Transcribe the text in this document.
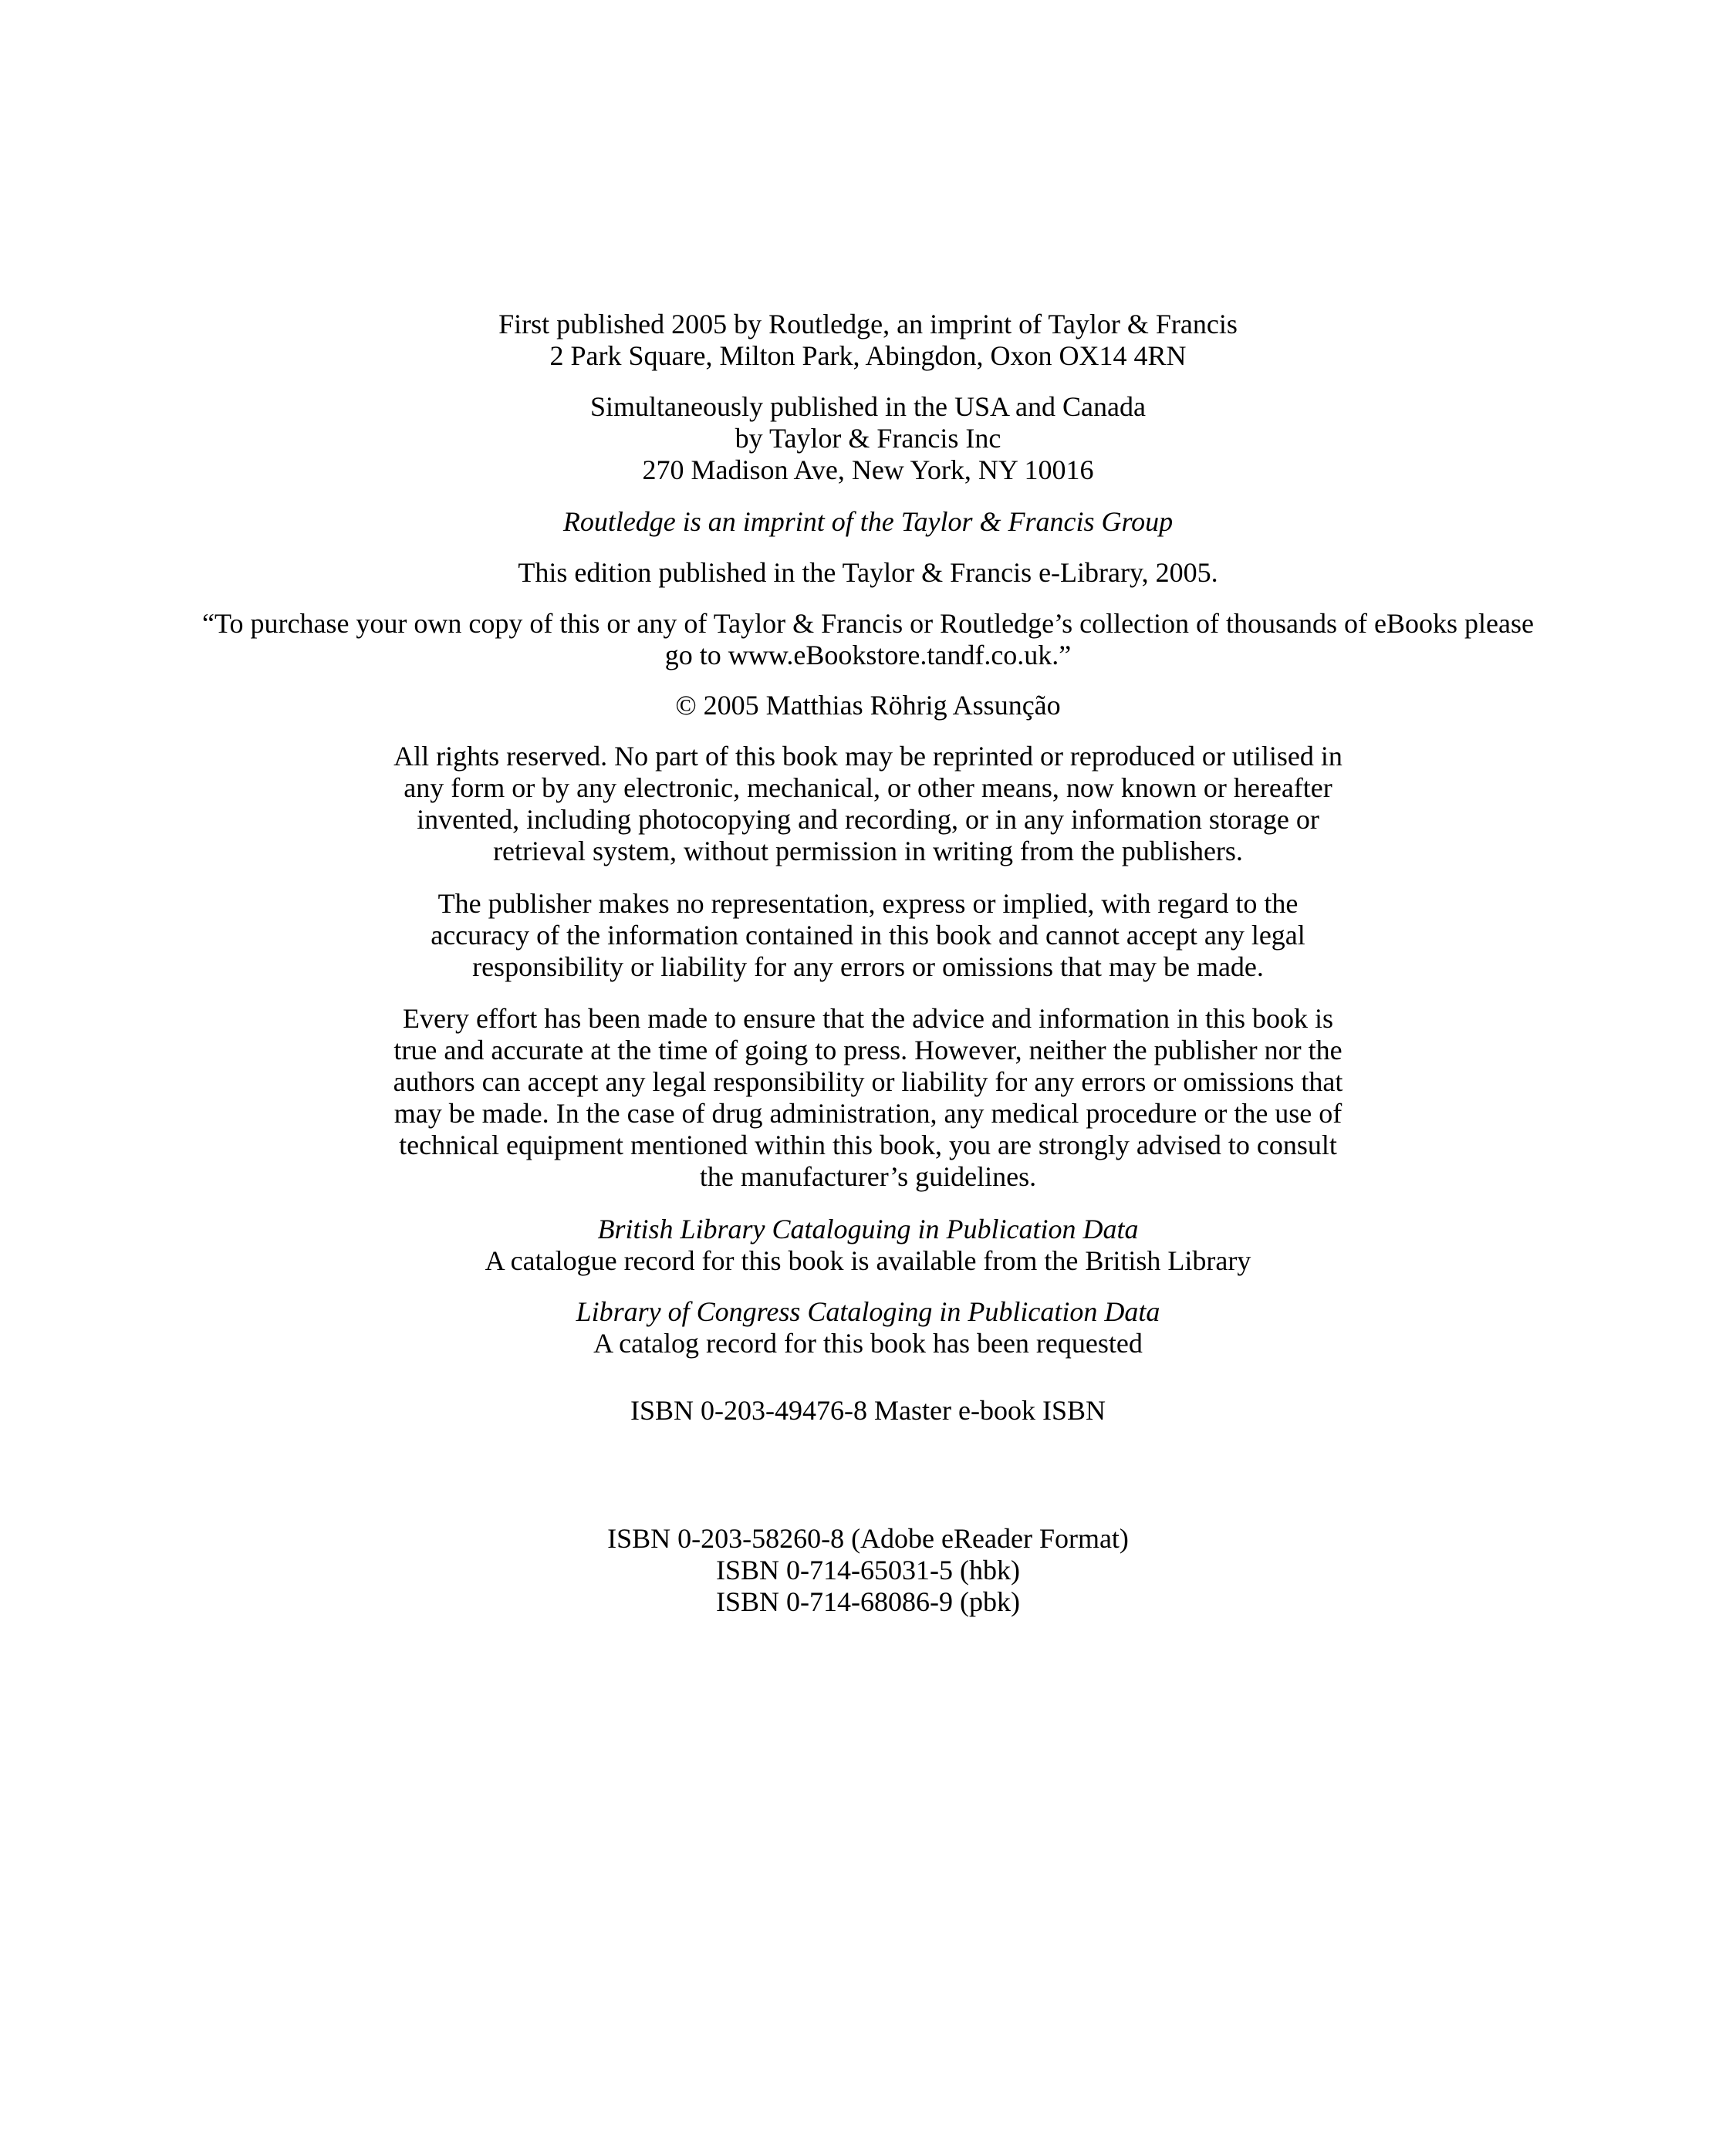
First published 2005 by Routledge, an imprint of Taylor & Francis
2 Park Square, Milton Park, Abingdon, Oxon OX14 4RN
Simultaneously published in the USA and Canada
by Taylor & Francis Inc
270 Madison Ave, New York, NY 10016
Routledge is an imprint of the Taylor & Francis Group
This edition published in the Taylor & Francis e-Library, 2005.
“To purchase your own copy of this or any of Taylor & Francis or Routledge’s collection of thousands of eBooks please
go to www.eBookstore.tandf.co.uk.”
© 2005 Matthias Röhrig Assunção
All rights reserved. No part of this book may be reprinted or reproduced or utilised in
any form or by any electronic, mechanical, or other means, now known or hereafter
invented, including photocopying and recording, or in any information storage or
retrieval system, without permission in writing from the publishers.
The publisher makes no representation, express or implied, with regard to the
accuracy of the information contained in this book and cannot accept any legal
responsibility or liability for any errors or omissions that may be made.
Every effort has been made to ensure that the advice and information in this book is
true and accurate at the time of going to press. However, neither the publisher nor the
authors can accept any legal responsibility or liability for any errors or omissions that
may be made. In the case of drug administration, any medical procedure or the use of
technical equipment mentioned within this book, you are strongly advised to consult
the manufacturer’s guidelines.
British Library Cataloguing in Publication Data
A catalogue record for this book is available from the British Library
Library of Congress Cataloging in Publication Data
A catalog record for this book has been requested
ISBN 0-203-49476-8 Master e-book ISBN
ISBN 0-203-58260-8 (Adobe eReader Format)
ISBN 0-714-65031-5 (hbk)
ISBN 0-714-68086-9 (pbk)
